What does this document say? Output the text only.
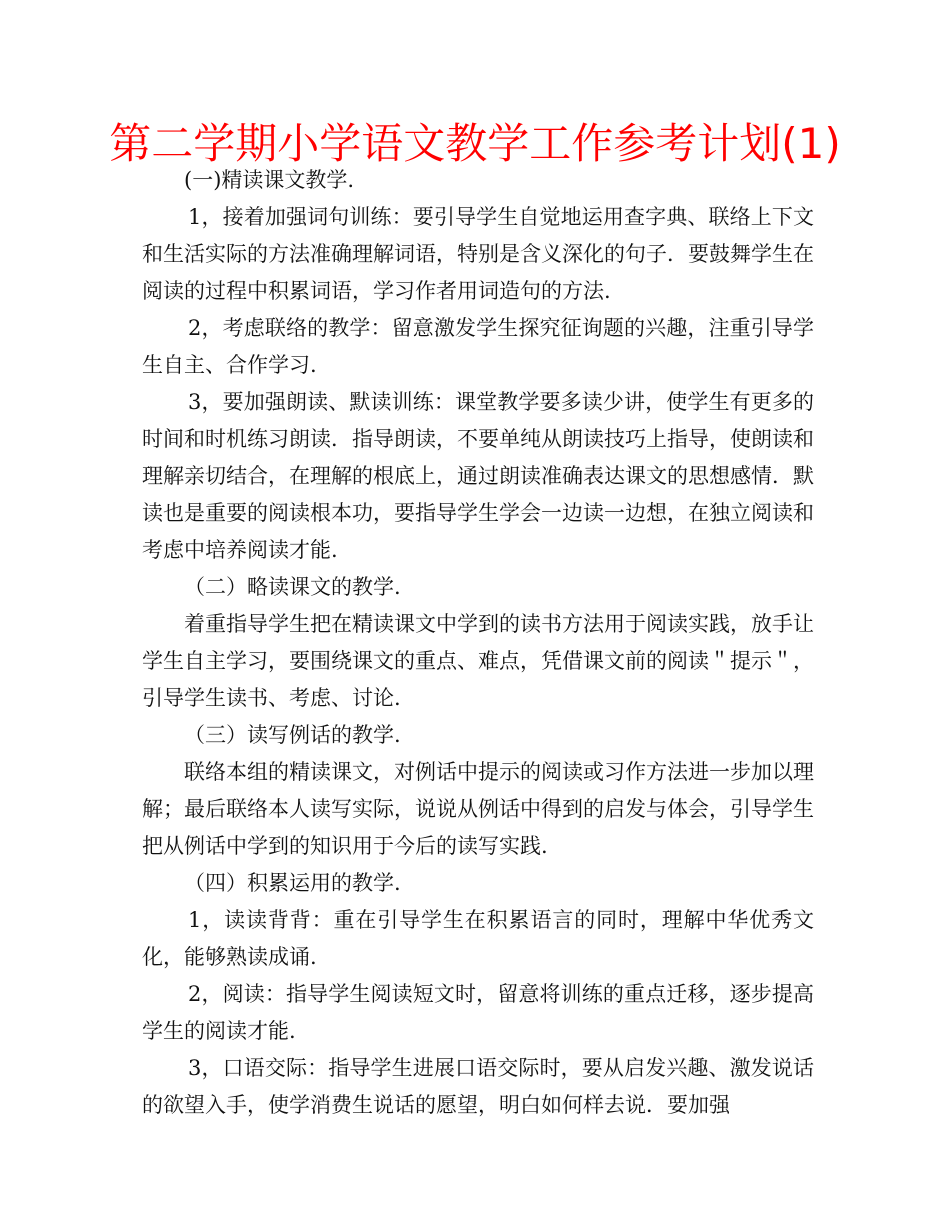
第二学期小学语文教学工作参考计划(1)

(一)精读课文教学.

1，接着加强词句训练：要引导学生自觉地运用查字典、联络上下文和生活实际的方法准确理解词语，特别是含义深化的句子．要鼓舞学生在阅读的过程中积累词语，学习作者用词造句的方法.

2，考虑联络的教学：留意激发学生探究征询题的兴趣，注重引导学生自主、合作学习.

3，要加强朗读、默读训练：课堂教学要多读少讲，使学生有更多的时间和时机练习朗读．指导朗读，不要单纯从朗读技巧上指导，使朗读和理解亲切结合，在理解的根底上，通过朗读准确表达课文的思想感情．默读也是重要的阅读根本功，要指导学生学会一边读一边想，在独立阅读和考虑中培养阅读才能.

（二）略读课文的教学.

着重指导学生把在精读课文中学到的读书方法用于阅读实践，放手让学生自主学习，要围绕课文的重点、难点，凭借课文前的阅读＂提示＂，引导学生读书、考虑、讨论.

（三）读写例话的教学.

联络本组的精读课文，对例话中提示的阅读或习作方法进一步加以理解；最后联络本人读写实际，说说从例话中得到的启发与体会，引导学生把从例话中学到的知识用于今后的读写实践.

（四）积累运用的教学.

1，读读背背：重在引导学生在积累语言的同时，理解中华优秀文化，能够熟读成诵.

2，阅读：指导学生阅读短文时，留意将训练的重点迁移，逐步提高学生的阅读才能.

3，口语交际：指导学生进展口语交际时，要从启发兴趣、激发说话的欲望入手，使学消费生说话的愿望，明白如何样去说．要加强
